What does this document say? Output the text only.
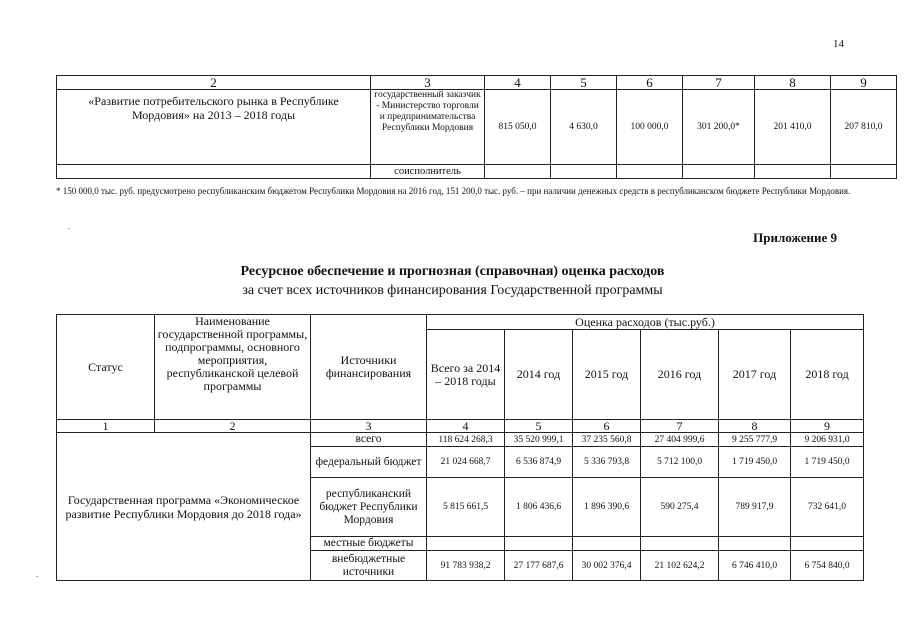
14
2	3	4	5	6	7	8	9
«Развитие потребительского рынка в Республике Мордовия» на 2013 – 2018 годы	государственный заказчик - Министерство торговли и предпринимательства Республики Мордовия	815 050,0	4 630,0	100 000,0	301 200,0*	201 410,0	207 810,0
	соисполнитель						
* 150 000,0 тыс. руб. предусмотрено республиканским бюджетом Республики Мордовия на 2016 год, 151 200,0 тыс. руб. – при наличии денежных средств в республиканском бюджете Республики Мордовия.
.
Приложение 9
Ресурсное обеспечение и прогнозная (справочная) оценка расходов
за счет всех источников финансирования Государственной программы
Статус	Наименование государственной программы, подпрограммы, основного мероприятия, республиканской целевой программы	Источники финансирования	Оценка расходов (тыс.руб.)					
			Всего за 2014 – 2018 годы	2014 год	2015 год	2016 год	2017 год	2018 год
1	2	3	4	5	6	7	8	9
Государственная программа «Экономическое развитие Республики Мордовия до 2018 года»		всего	118 624 268,3	35 520 999,1	37 235 560,8	27 404 999,6	9 255 777,9	9 206 931,0
		федеральный бюджет	21 024 668,7	6 536 874,9	5 336 793,8	5 712 100,0	1 719 450,0	1 719 450,0
		республиканский бюджет Республики Мордовия	5 815 661,5	1 806 436,6	1 896 390,6	590 275,4	789 917,9	732 641,0
		местные бюджеты						
		внебюджетные источники	91 783 938,2	27 177 687,6	30 002 376,4	21 102 624,2	6 746 410,0	6 754 840,0
.
